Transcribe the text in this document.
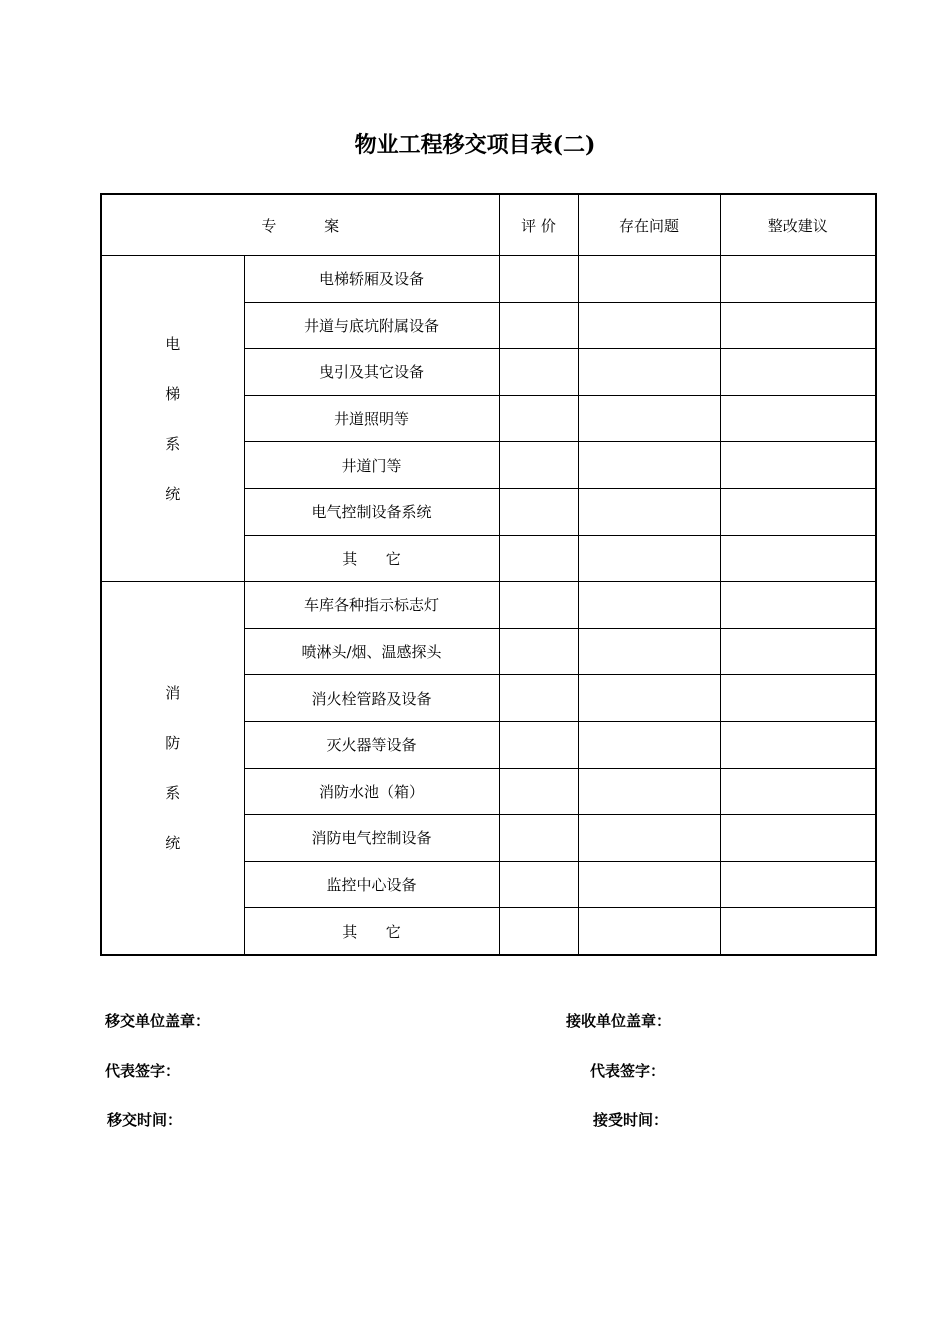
物业工程移交项目表(二)
专          案		评 价	存在问题	整改建议

电
梯
系
统	电梯轿厢及设备			
	井道与底坑附属设备			
	曳引及其它设备			
	井道照明等			
	井道门等			
	电气控制设备系统			
	其      它			

消
防
系
统	车库各种指示标志灯			
	喷淋头/烟、温感探头			
	消火栓管路及设备			
	灭火器等设备			
	消防水池（箱）			
	消防电气控制设备			
	监控中心设备			
	其      它			
移交单位盖章：	接收单位盖章：
代表签字：	代表签字：
移交时间：	接受时间：
